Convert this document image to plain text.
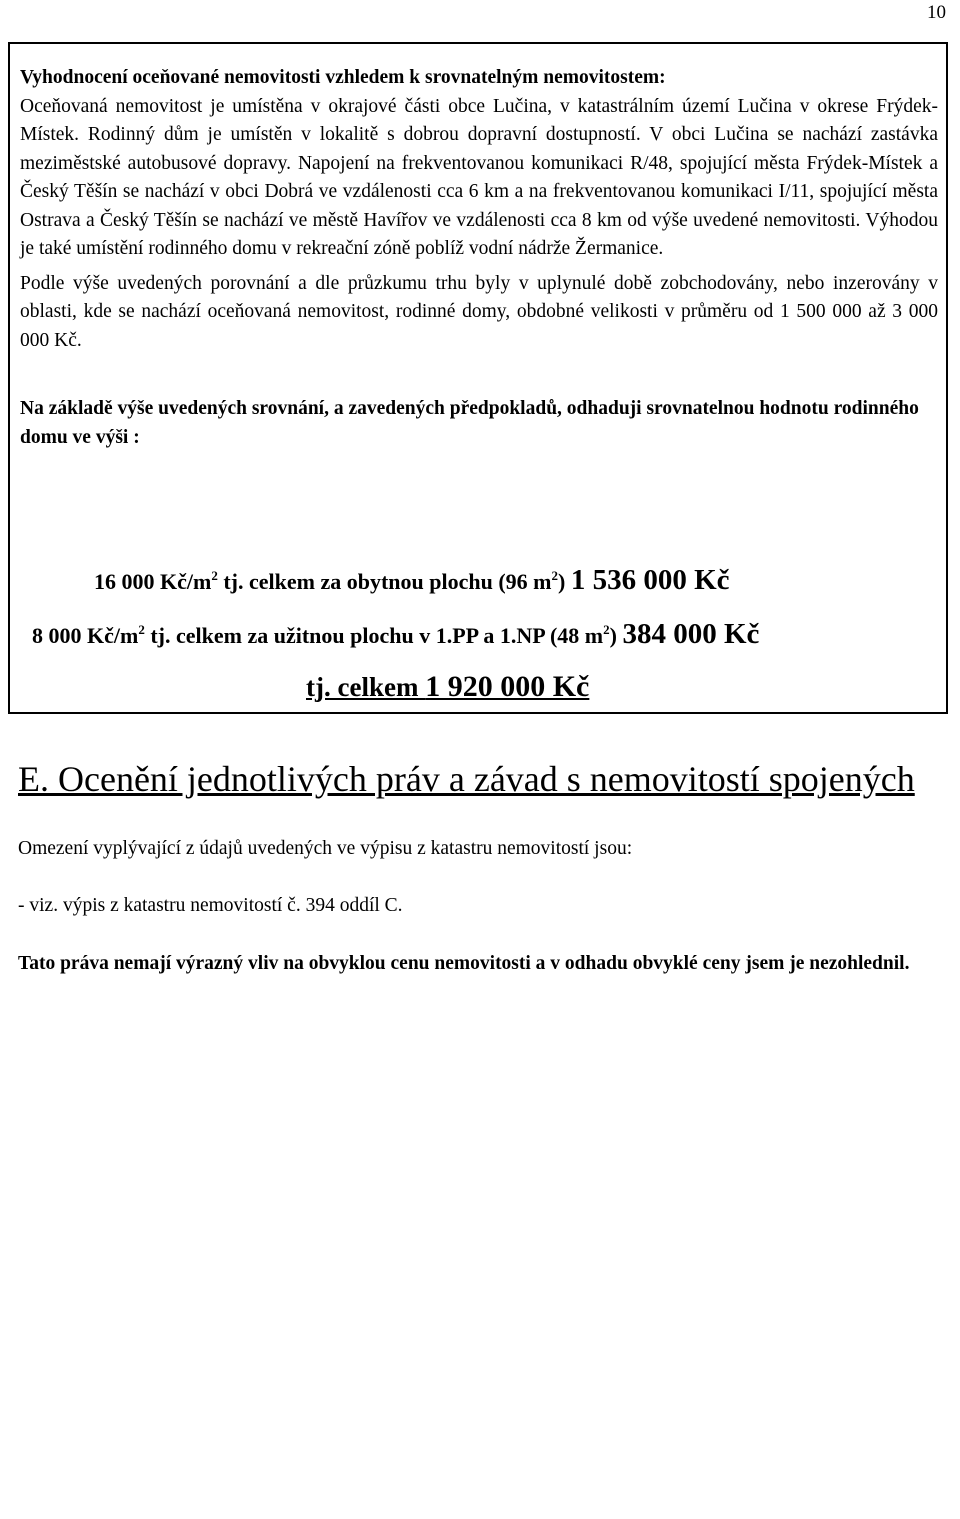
10

Vyhodnocení oceňované nemovitosti vzhledem k srovnatelným nemovitostem:

Oceňovaná nemovitost je umístěna v okrajové části obce Lučina, v katastrálním území Lučina v okrese Frýdek-Místek. Rodinný dům je umístěn v lokalitě s dobrou dopravní dostupností. V obci Lučina se nachází zastávka meziměstské autobusové dopravy. Napojení na frekventovanou komunikaci R/48, spojující města Frýdek-Místek a Český Těšín se nachází v obci Dobrá ve vzdálenosti cca 6 km a na frekventovanou komunikaci I/11, spojující města Ostrava a Český Těšín se nachází ve městě Havířov ve vzdálenosti cca 8 km od výše uvedené nemovitosti. Výhodou je také umístění rodinného domu v rekreační zóně poblíž vodní nádrže Žermanice.

Podle výše uvedených porovnání a dle průzkumu trhu byly v uplynulé době zobchodovány, nebo inzerovány v oblasti, kde se nachází oceňovaná nemovitost, rodinné domy, obdobné velikosti v průměru od 1 500 000 až 3 000 000 Kč.

Na základě výše uvedených srovnání, a zavedených předpokladů, odhaduji srovnatelnou hodnotu rodinného domu ve výši :

16 000 $Kč/m^2$ tj. celkem za obytnou plochu (96 $m^2$) 1 536 000 Kč
8 000 $Kč/m^2$ tj. celkem za užitnou plochu v 1.PP a 1.NP (48 $m^2$) 384 000 Kč
tj. celkem 1 920 000 Kč
E. Ocenění jednotlivých práv a závad s nemovitostí spojených
Omezení vyplývající z údajů uvedených ve výpisu z katastru nemovitostí jsou:
- viz. výpis z katastru nemovitostí č. 394 oddíl C.
Tato práva nemají výrazný vliv na obvyklou cenu nemovitosti a v odhadu obvyklé ceny jsem je nezohlednil.
